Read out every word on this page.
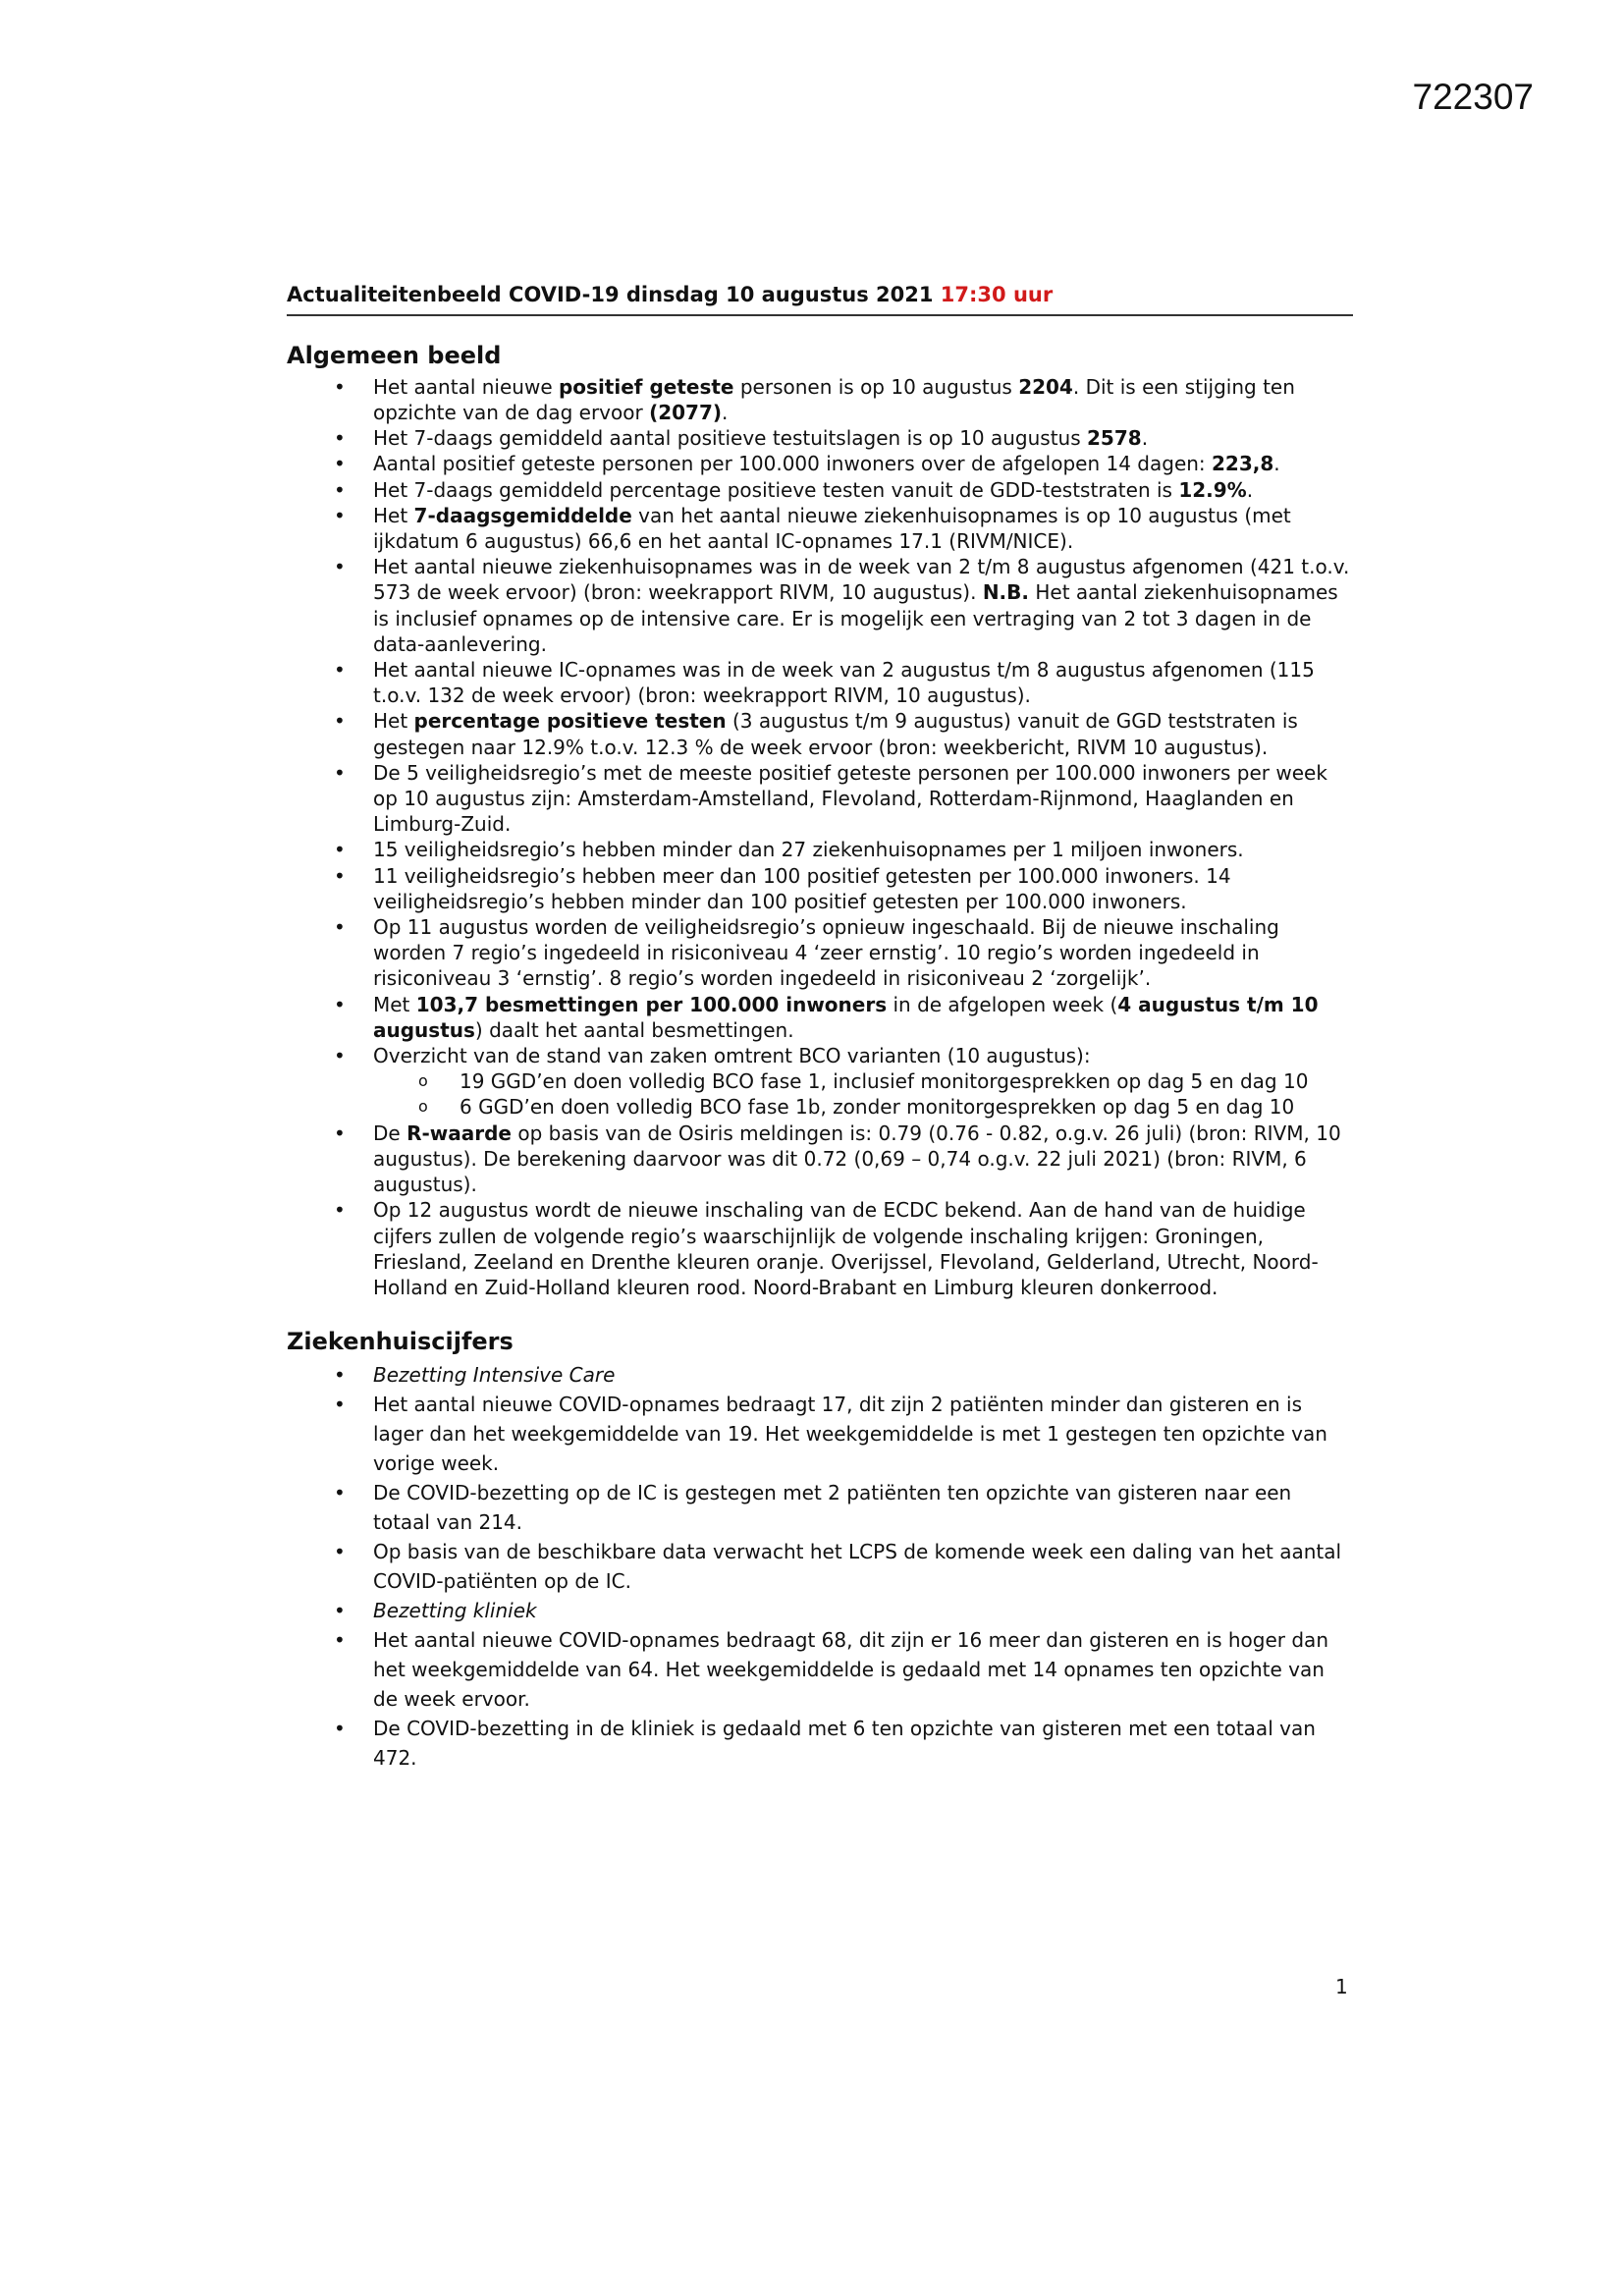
722307
Actualiteitenbeeld COVID-19 dinsdag 10 augustus 2021 17:30 uur
Algemeen beeld
• Het aantal nieuwe positief geteste personen is op 10 augustus 2204. Dit is een stijging ten opzichte van de dag ervoor (2077).
• Het 7-daags gemiddeld aantal positieve testuitslagen is op 10 augustus 2578.
• Aantal positief geteste personen per 100.000 inwoners over de afgelopen 14 dagen: 223,8.
• Het 7-daags gemiddeld percentage positieve testen vanuit de GDD-teststraten is 12.9%.
• Het 7-daagsgemiddelde van het aantal nieuwe ziekenhuisopnames is op 10 augustus (met ijkdatum 6 augustus) 66,6 en het aantal IC-opnames 17.1 (RIVM/NICE).
• Het aantal nieuwe ziekenhuisopnames was in de week van 2 t/m 8 augustus afgenomen (421 t.o.v. 573 de week ervoor) (bron: weekrapport RIVM, 10 augustus). N.B. Het aantal ziekenhuisopnames is inclusief opnames op de intensive care. Er is mogelijk een vertraging van 2 tot 3 dagen in de data-aanlevering.
• Het aantal nieuwe IC-opnames was in de week van 2 augustus t/m 8 augustus afgenomen (115 t.o.v. 132 de week ervoor) (bron: weekrapport RIVM, 10 augustus).
• Het percentage positieve testen (3 augustus t/m 9 augustus) vanuit de GGD teststraten is gestegen naar 12.9% t.o.v. 12.3 % de week ervoor (bron: weekbericht, RIVM 10 augustus).
• De 5 veiligheidsregio’s met de meeste positief geteste personen per 100.000 inwoners per week op 10 augustus zijn: Amsterdam-Amstelland, Flevoland, Rotterdam-Rijnmond, Haaglanden en Limburg-Zuid.
• 15 veiligheidsregio’s hebben minder dan 27 ziekenhuisopnames per 1 miljoen inwoners.
• 11 veiligheidsregio’s hebben meer dan 100 positief getesten per 100.000 inwoners. 14 veiligheidsregio’s hebben minder dan 100 positief getesten per 100.000 inwoners.
• Op 11 augustus worden de veiligheidsregio’s opnieuw ingeschaald. Bij de nieuwe inschaling worden 7 regio’s ingedeeld in risiconiveau 4 ‘zeer ernstig’. 10 regio’s worden ingedeeld in risiconiveau 3 ‘ernstig’. 8 regio’s worden ingedeeld in risiconiveau 2 ‘zorgelijk’.
• Met 103,7 besmettingen per 100.000 inwoners in de afgelopen week (4 augustus t/m 10 augustus) daalt het aantal besmettingen.
• Overzicht van de stand van zaken omtrent BCO varianten (10 augustus):
o 19 GGD’en doen volledig BCO fase 1, inclusief monitorgesprekken op dag 5 en dag 10
o 6 GGD’en doen volledig BCO fase 1b, zonder monitorgesprekken op dag 5 en dag 10
• De R-waarde op basis van de Osiris meldingen is: 0.79 (0.76 - 0.82, o.g.v. 26 juli) (bron: RIVM, 10 augustus). De berekening daarvoor was dit 0.72 (0,69 – 0,74 o.g.v. 22 juli 2021) (bron: RIVM, 6 augustus).
• Op 12 augustus wordt de nieuwe inschaling van de ECDC bekend. Aan de hand van de huidige cijfers zullen de volgende regio’s waarschijnlijk de volgende inschaling krijgen: Groningen, Friesland, Zeeland en Drenthe kleuren oranje. Overijssel, Flevoland, Gelderland, Utrecht, Noord-Holland en Zuid-Holland kleuren rood. Noord-Brabant en Limburg kleuren donkerrood.
Ziekenhuiscijfers
• Bezetting Intensive Care
• Het aantal nieuwe COVID-opnames bedraagt 17, dit zijn 2 patiënten minder dan gisteren en is lager dan het weekgemiddelde van 19. Het weekgemiddelde is met 1 gestegen ten opzichte van vorige week.
• De COVID-bezetting op de IC is gestegen met 2 patiënten ten opzichte van gisteren naar een totaal van 214.
• Op basis van de beschikbare data verwacht het LCPS de komende week een daling van het aantal COVID-patiënten op de IC.
• Bezetting kliniek
• Het aantal nieuwe COVID-opnames bedraagt 68, dit zijn er 16 meer dan gisteren en is hoger dan het weekgemiddelde van 64. Het weekgemiddelde is gedaald met 14 opnames ten opzichte van de week ervoor.
• De COVID-bezetting in de kliniek is gedaald met 6 ten opzichte van gisteren met een totaal van 472.
1
